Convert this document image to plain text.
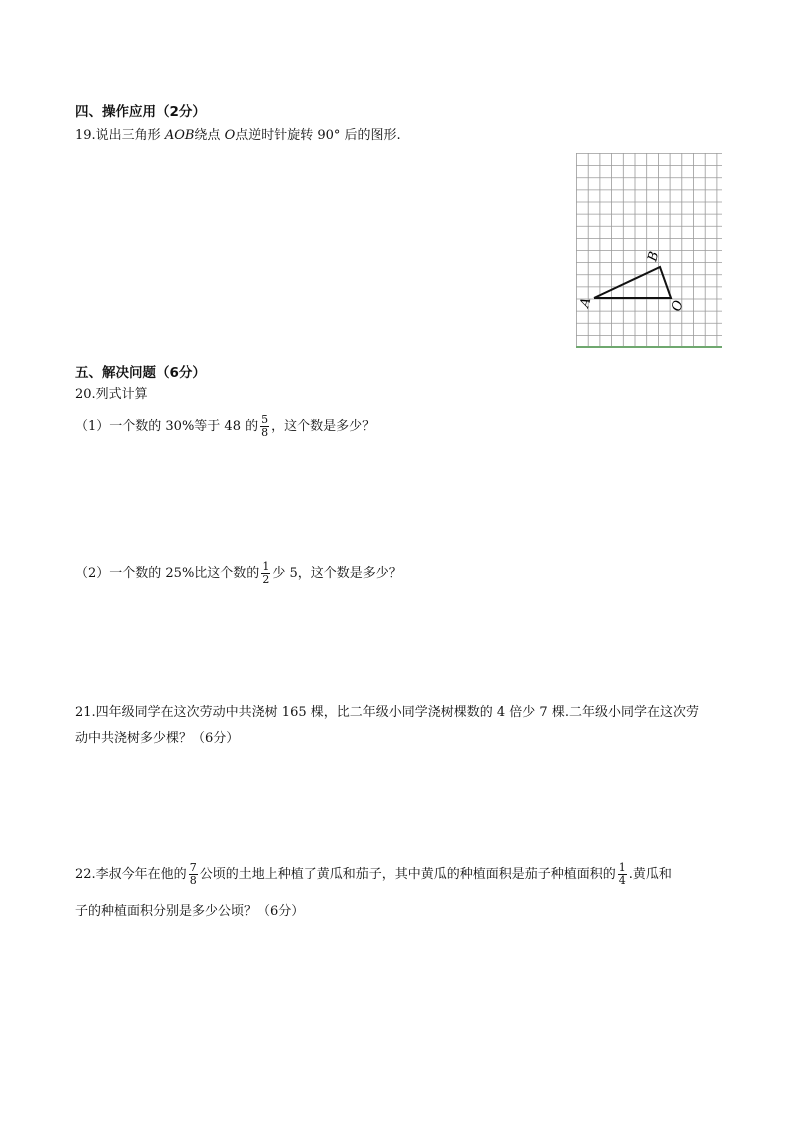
四、操作应用（2分）
19.说出三角形 AOB绕点 O点逆时针旋转 90° 后的图形.
A
B
O
五、解决问题（6分）
20.列式计算
（1）一个数的 30%等于 48 的 $\frac{5}{8}$ ，这个数是多少？
（2）一个数的 25%比这个数的 $\frac{1}{2}$ 少 5，这个数是多少？
21.四年级同学在这次劳动中共浇树 165 棵，比二年级小同学浇树棵数的 4 倍少 7 棵.二年级小同学在这次劳
动中共浇树多少棵？（6分）
22.李叔今年在他的 $\frac{7}{8}$ 公顷的土地上种植了黄瓜和茄子，其中黄瓜的种植面积是茄子种植面积的 $\frac{1}{4}$ .黄瓜和
子的种植面积分别是多少公顷？（6分）
